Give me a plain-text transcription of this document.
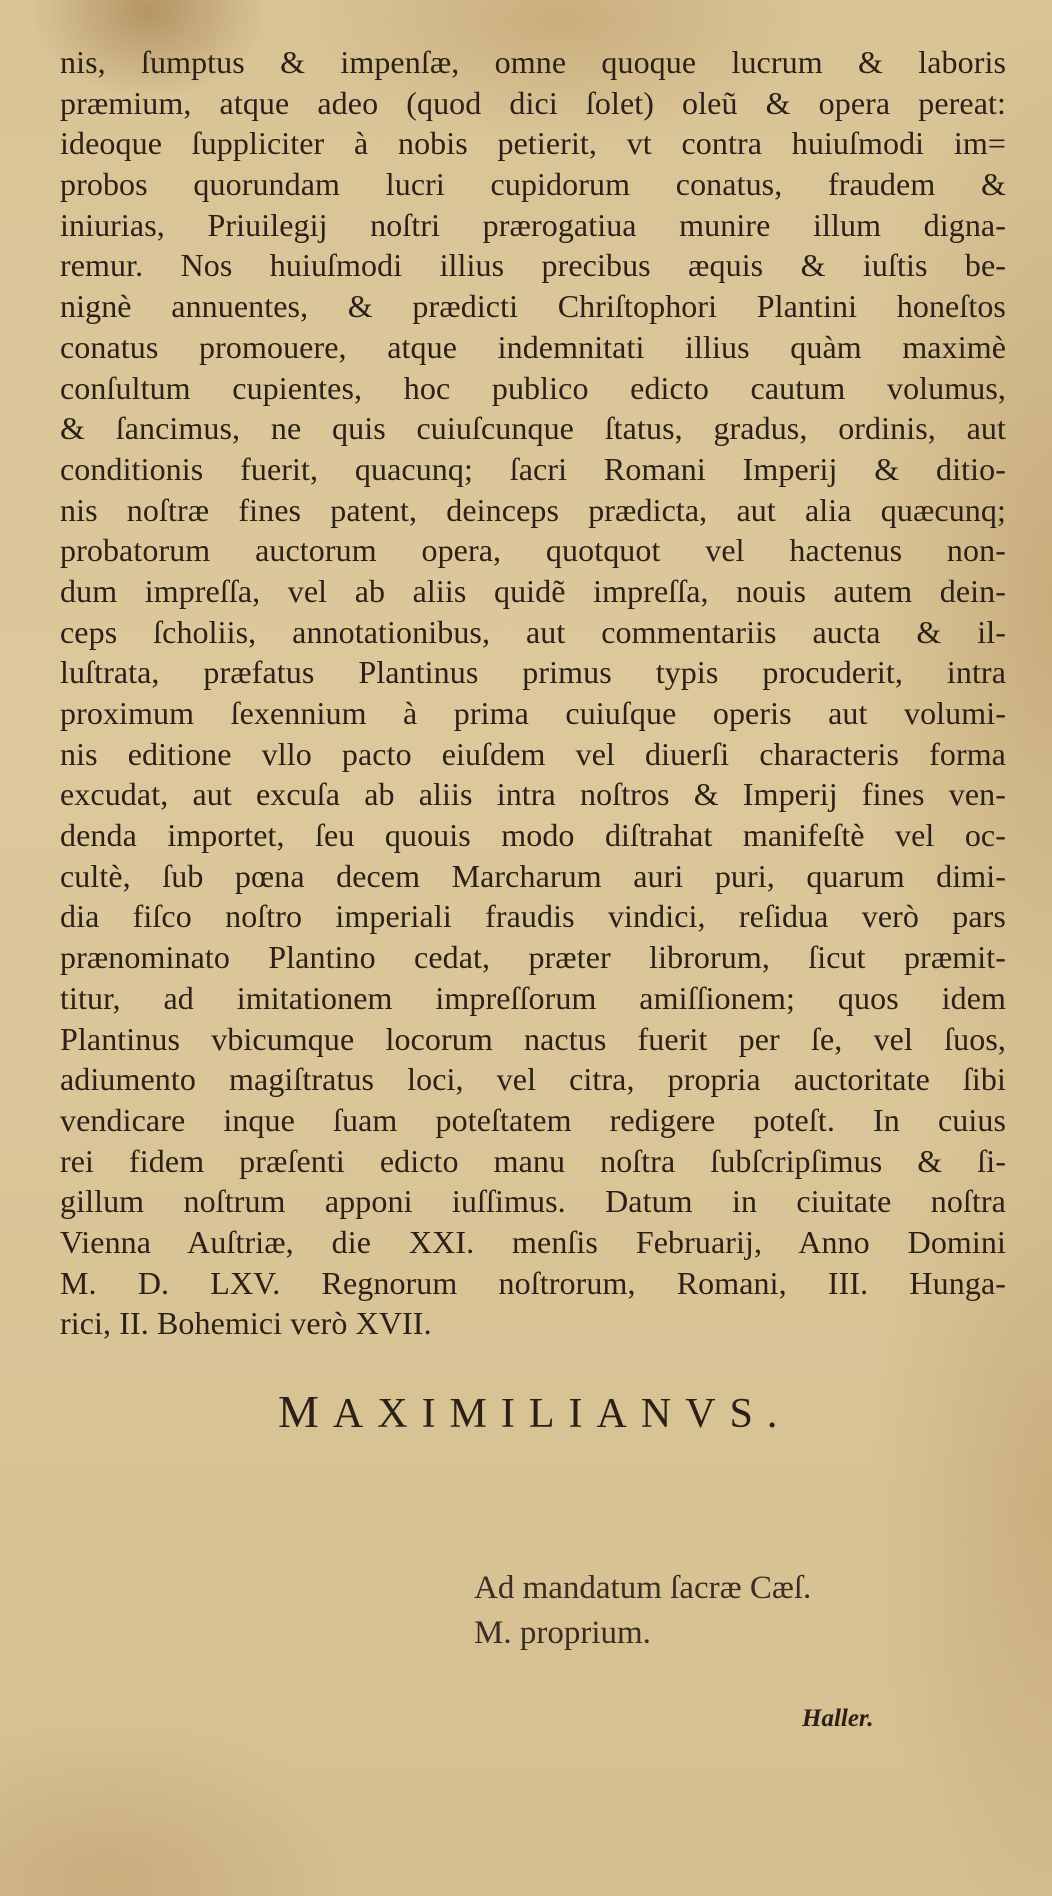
nis, ſumptus & impenſæ, omne quoque lucrum & laboris
præmium, atque adeo (quod dici ſolet) oleũ & opera pereat:
ideoque ſuppliciter à nobis petierit, vt contra huiuſmodi im=
probos quorundam lucri cupidorum conatus, fraudem &
iniurias, Priuilegij noſtri prærogatiua munire illum digna-
remur. Nos huiuſmodi illius precibus æquis & iuſtis be-
nignè annuentes, & prædicti Chriſtophori Plantini honeſtos
conatus promouere, atque indemnitati illius quàm maximè
conſultum cupientes, hoc publico edicto cautum volumus,
& ſancimus, ne quis cuiuſcunque ſtatus, gradus, ordinis, aut
conditionis fuerit, quacunq; ſacri Romani Imperij & ditio-
nis noſtræ fines patent, deinceps prædicta, aut alia quæcunq;
probatorum auctorum opera, quotquot vel hactenus non-
dum impreſſa, vel ab aliis quidẽ impreſſa, nouis autem dein-
ceps ſcholiis, annotationibus, aut commentariis aucta & il-
luſtrata, præfatus Plantinus primus typis procuderit, intra
proximum ſexennium à prima cuiuſque operis aut volumi-
nis editione vllo pacto eiuſdem vel diuerſi characteris forma
excudat, aut excuſa ab aliis intra noſtros & Imperij fines ven-
denda importet, ſeu quouis modo diſtrahat manifeſtè vel oc-
cultè, ſub pœna decem Marcharum auri puri, quarum dimi-
dia fiſco noſtro imperiali fraudis vindici, reſidua verò pars
prænominato Plantino cedat, præter librorum, ſicut præmit-
titur, ad imitationem impreſſorum amiſſionem; quos idem
Plantinus vbicumque locorum nactus fuerit per ſe, vel ſuos,
adiumento magiſtratus loci, vel citra, propria auctoritate ſibi
vendicare inque ſuam poteſtatem redigere poteſt. In cuius
rei fidem præſenti edicto manu noſtra ſubſcripſimus & ſi-
gillum noſtrum apponi iuſſimus. Datum in ciuitate noſtra
Vienna Auſtriæ, die XXI. menſis Februarij, Anno Domini
M. D. LXV. Regnorum noſtrorum, Romani, III. Hunga-
rici, II. Bohemici verò XVII.
MAXIMILIANVS.
Ad mandatum ſacræ Cæſ.
M. proprium.
Haller.
